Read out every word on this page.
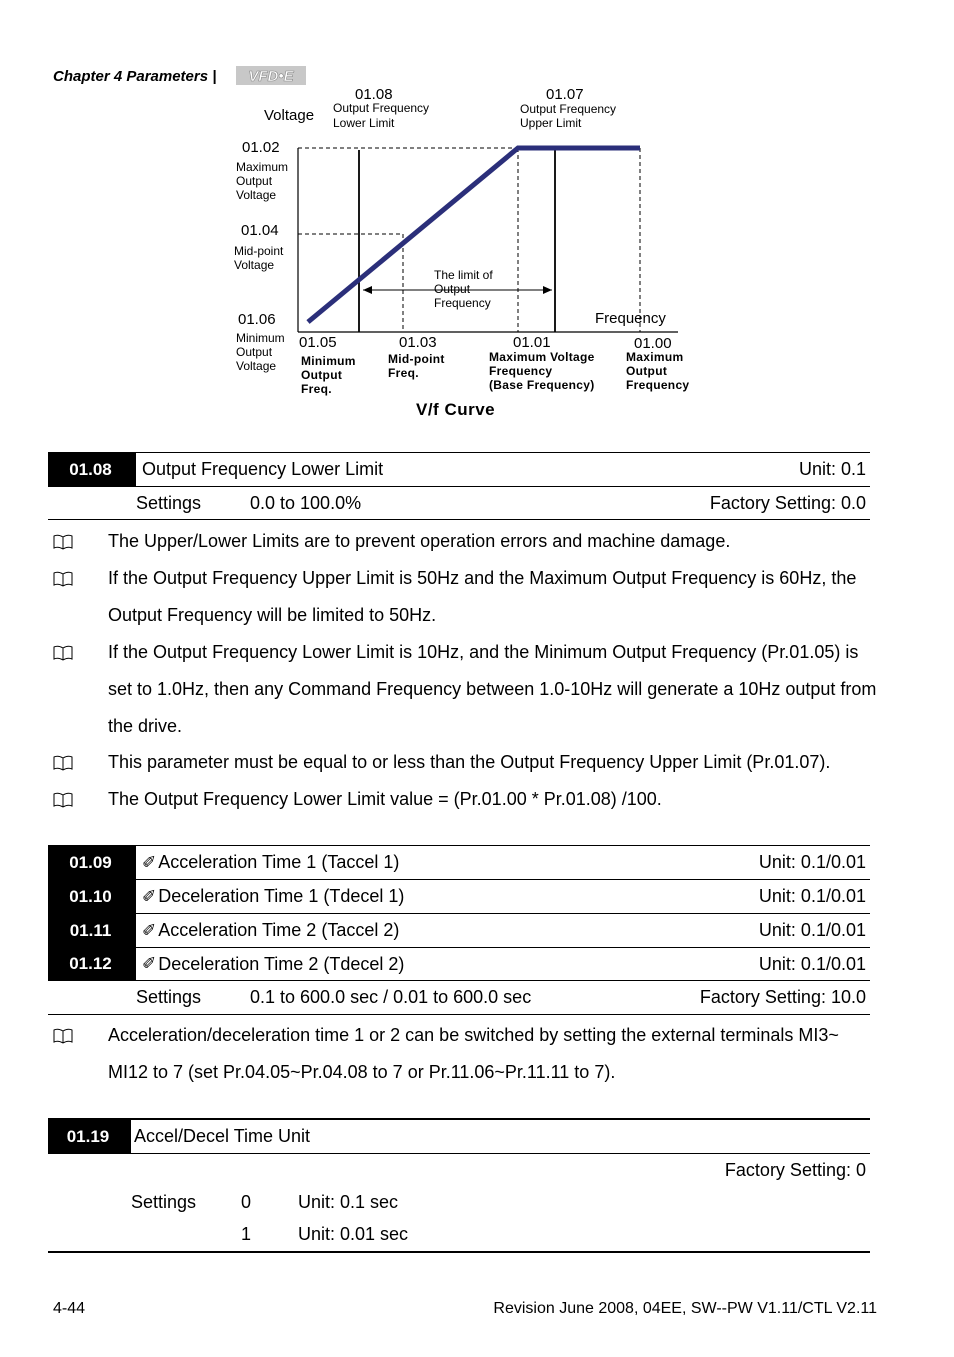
Chapter 4 Parameters | VFD•E
Voltage
Frequency
01.08
Output Frequency
Lower Limit
01.07
Output Frequency
Upper Limit
01.02
Maximum
Output
Voltage
01.04
Mid-point
Voltage
01.06
Minimum
Output
Voltage
The limit of
Output
Frequency
01.05
Minimum
Output
Freq.
01.03
Mid-point
Freq.
01.01
Maximum Voltage
Frequency
(Base Frequency)
01.00
Maximum
Output
Frequency
V/f Curve
01.08	Output Frequency Lower Limit	Unit: 0.1
Settings	0.0 to 100.0%	Factory Setting: 0.0
The Upper/Lower Limits are to prevent operation errors and machine damage.
If the Output Frequency Upper Limit is 50Hz and the Maximum Output Frequency is 60Hz, the Output Frequency will be limited to 50Hz.
If the Output Frequency Lower Limit is 10Hz, and the Minimum Output Frequency (Pr.01.05) is set to 1.0Hz, then any Command Frequency between 1.0-10Hz will generate a 10Hz output from the drive.
This parameter must be equal to or less than the Output Frequency Upper Limit (Pr.01.07).
The Output Frequency Lower Limit value = (Pr.01.00 * Pr.01.08) /100.
01.09	✐ Acceleration Time 1 (Taccel 1)	Unit: 0.1/0.01
01.10	✐ Deceleration Time 1 (Tdecel 1)	Unit: 0.1/0.01
01.11	✐ Acceleration Time 2 (Taccel 2)	Unit: 0.1/0.01
01.12	✐ Deceleration Time 2 (Tdecel 2)	Unit: 0.1/0.01
Settings	0.1 to 600.0 sec / 0.01 to 600.0 sec	Factory Setting: 10.0
Acceleration/deceleration time 1 or 2 can be switched by setting the external terminals MI3~ MI12 to 7 (set Pr.04.05~Pr.04.08 to 7 or Pr.11.06~Pr.11.11 to 7).
01.19	Accel/Decel Time Unit
Factory Setting: 0
Settings 0	Unit: 0.1 sec
1	Unit: 0.01 sec
4-44	Revision June 2008, 04EE, SW--PW V1.11/CTL V2.11
